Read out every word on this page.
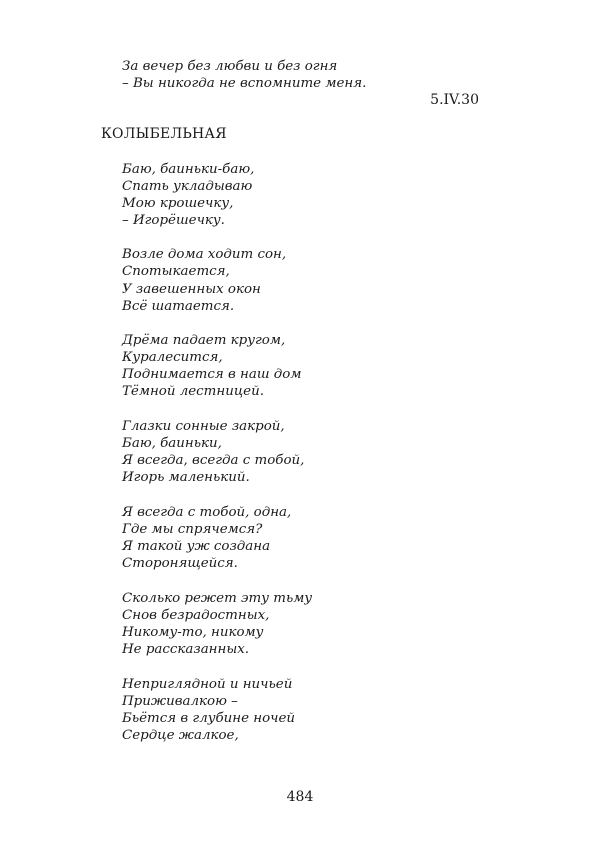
За вечер без любви и без огня
– Вы никогда не вспомните меня.
5.IV.30
КОЛЫБЕЛЬНАЯ
Баю, баиньки-баю,
Спать укладываю
Мою крошечку,
– Игорёшечку.
Возле дома ходит сон,
Спотыкается,
У завешенных окон
Всё шатается.
Дрёма падает кругом,
Куралесится,
Поднимается в наш дом
Тёмной лестницей.
Глазки сонные закрой,
Баю, баиньки,
Я всегда, всегда с тобой,
Игорь маленький.
Я всегда с тобой, одна,
Где мы спрячемся?
Я такой уж создана
Сторонящейся.
Сколько режет эту тьму
Снов безрадостных,
Никому-то, никому
Не рассказанных.
Неприглядной и ничьей
Приживалкою –
Бьётся в глубине ночей
Сердце жалкое,
484
